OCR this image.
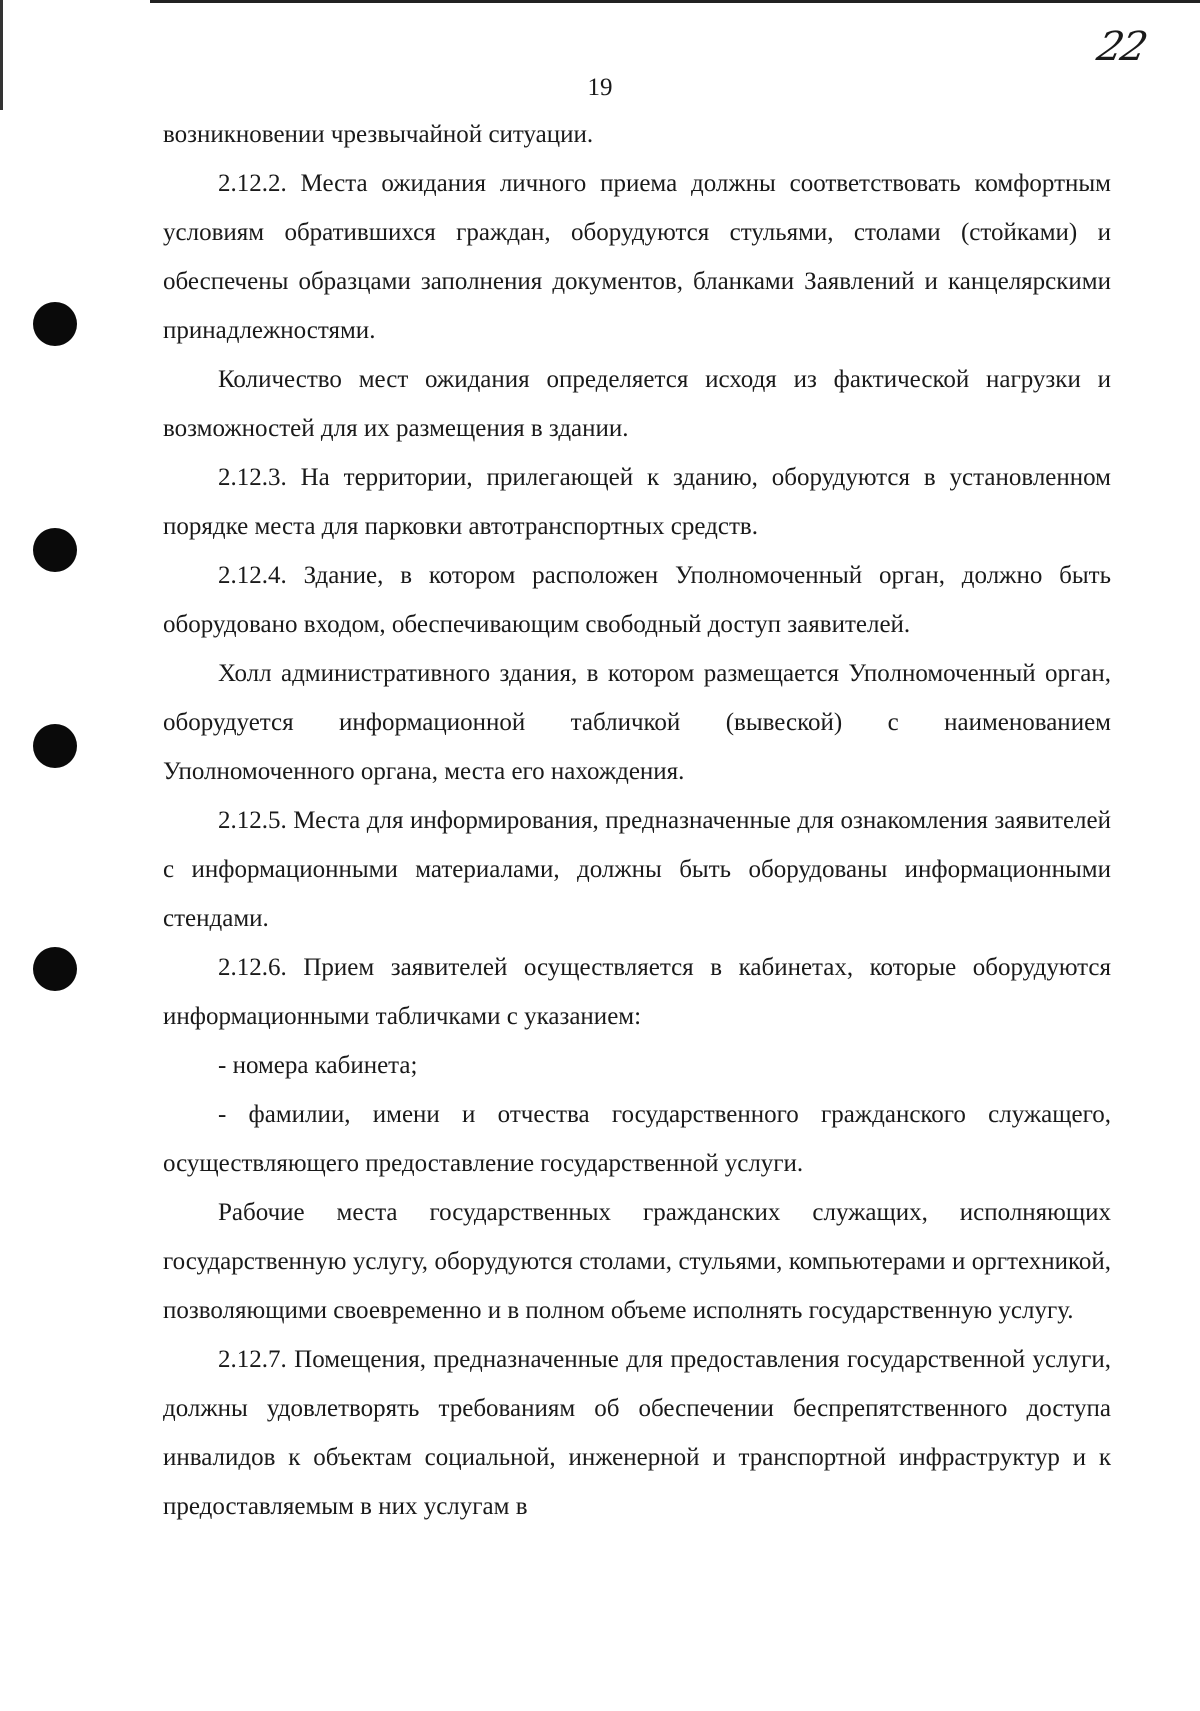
19
22

возникновении чрезвычайной ситуации.

2.12.2. Места ожидания личного приема должны соответствовать комфортным условиям обратившихся граждан, оборудуются стульями, столами (стойками) и обеспечены образцами заполнения документов, бланками Заявлений и канцелярскими принадлежностями.

Количество мест ожидания определяется исходя из фактической нагрузки и возможностей для их размещения в здании.

2.12.3. На территории, прилегающей к зданию, оборудуются в установленном порядке места для парковки автотранспортных средств.

2.12.4. Здание, в котором расположен Уполномоченный орган, должно быть оборудовано входом, обеспечивающим свободный доступ заявителей.

Холл административного здания, в котором размещается Уполномоченный орган, оборудуется информационной табличкой (вывеской) с наименованием Уполномоченного органа, места его нахождения.

2.12.5. Места для информирования, предназначенные для ознакомления заявителей с информационными материалами, должны быть оборудованы информационными стендами.

2.12.6. Прием заявителей осуществляется в кабинетах, которые оборудуются информационными табличками с указанием:

- номера кабинета;

- фамилии, имени и отчества государственного гражданского служащего, осуществляющего предоставление государственной услуги.

Рабочие места государственных гражданских служащих, исполняющих государственную услугу, оборудуются столами, стульями, компьютерами и оргтехникой, позволяющими своевременно и в полном объеме исполнять государственную услугу.

2.12.7. Помещения, предназначенные для предоставления государственной услуги, должны удовлетворять требованиям об обеспечении беспрепятственного доступа инвалидов к объектам социальной, инженерной и транспортной инфраструктур и к предоставляемым в них услугам в
